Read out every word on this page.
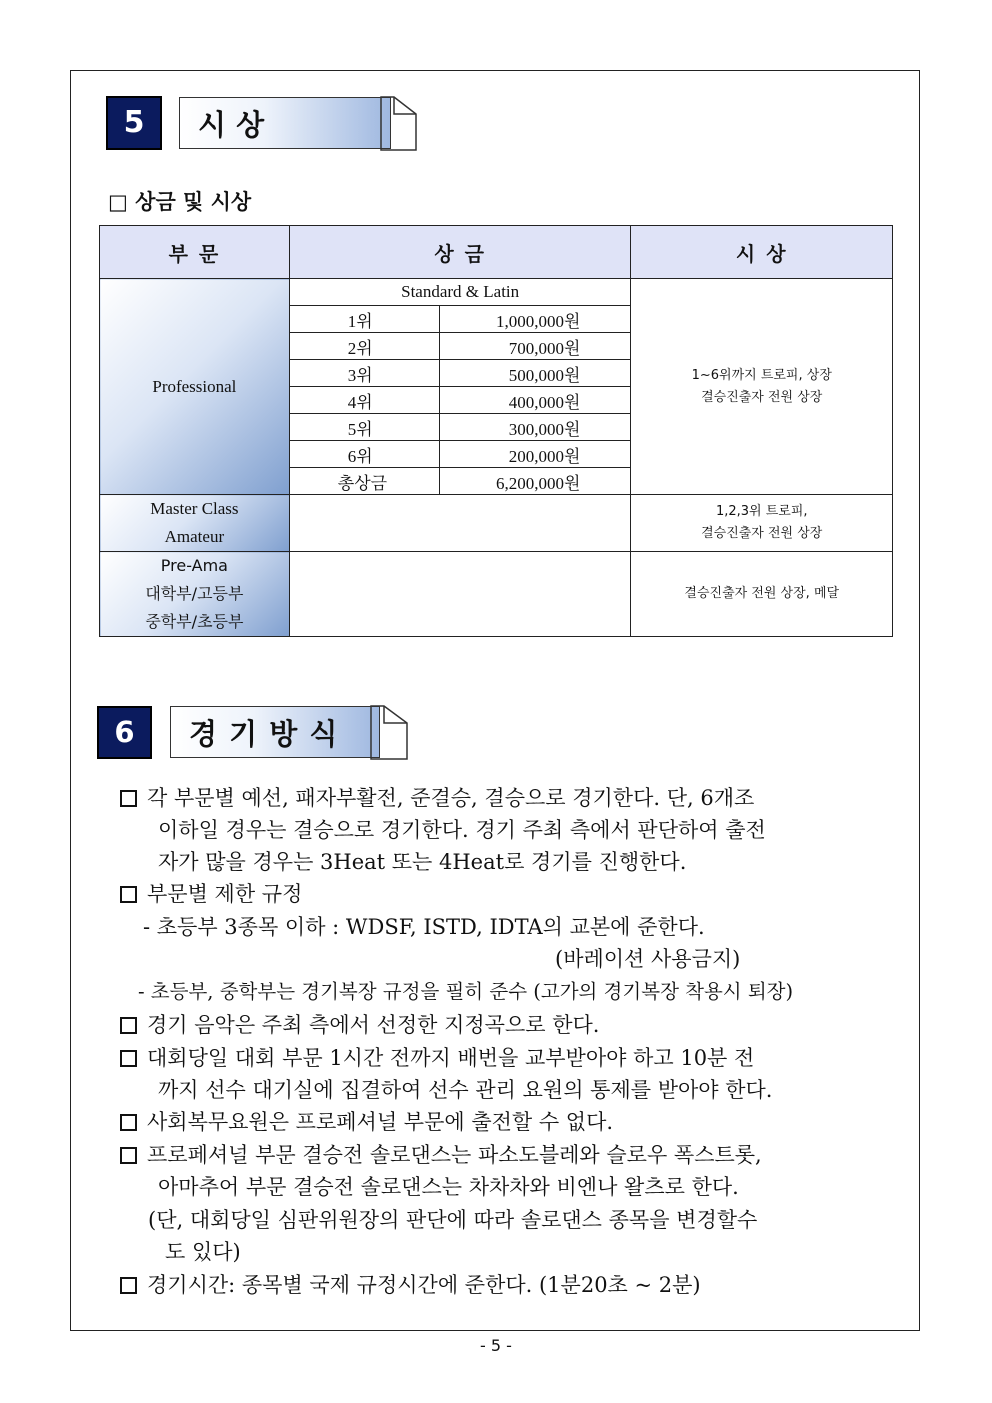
5	시 상
□ 상금 및 시상
부 문	상 금		시 상
Professional	Standard & Latin		1~6위까지 트로피, 상장
결승진출자 전원 상장
	1위	1,000,000원	
	2위	700,000원	
	3위	500,000원	
	4위	400,000원	
	5위	300,000원	
	6위	200,000원	
	총상금	6,200,000원	

Master Class
Amateur			1,2,3위 트로피,
결승진출자 전원 상장

Pre-Ama
대학부/고등부
중학부/초등부			결승진출자 전원 상장, 메달
6	경 기 방 식
각 부문별 예선, 패자부활전, 준결승, 결승으로 경기한다. 단, 6개조
이하일 경우는 결승으로 경기한다. 경기 주최 측에서 판단하여 출전
자가 많을 경우는 3Heat 또는 4Heat로 경기를 진행한다.
부문별 제한 규정
- 초등부 3종목 이하 : WDSF, ISTD, IDTA의 교본에 준한다.
(바레이션 사용금지)
- 초등부, 중학부는 경기복장 규정을 필히 준수 (고가의 경기복장 착용시 퇴장)
경기 음악은 주최 측에서 선정한 지정곡으로 한다.
대회당일 대회 부문 1시간 전까지 배번을 교부받아야 하고 10분 전
까지 선수 대기실에 집결하여 선수 관리 요원의 통제를 받아야 한다.
사회복무요원은 프로페셔널 부문에 출전할 수 없다.
프로페셔널 부문 결승전 솔로댄스는 파소도블레와 슬로우 폭스트롯,
아마추어 부문 결승전 솔로댄스는 차차차와 비엔나 왈츠로 한다.
(단, 대회당일 심판위원장의 판단에 따라 솔로댄스 종목을 변경할수
도 있다)
경기시간: 종목별 국제 규정시간에 준한다. (1분20초 ~ 2분)
- 5 -
